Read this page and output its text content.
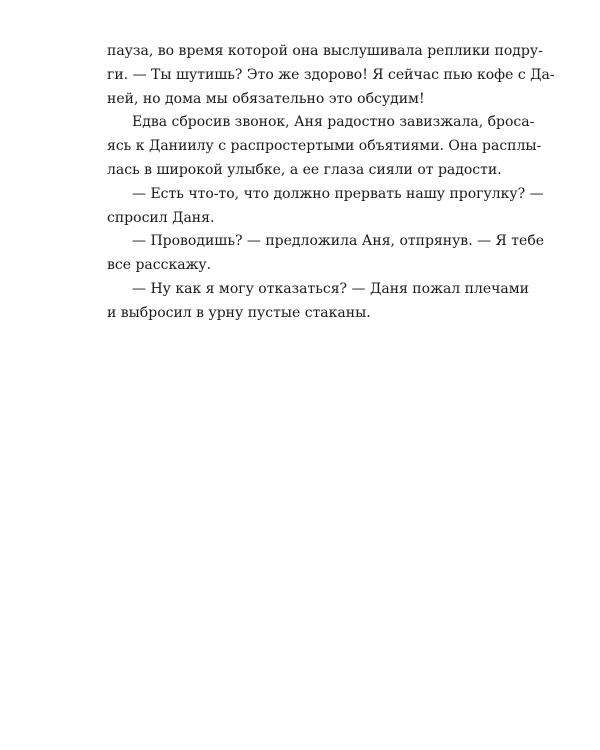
пауза, во время которой она выслушивала реплики подру-
ги. — Ты шутишь? Это же здорово! Я сейчас пью кофе с Да-
ней, но дома мы обязательно это обсудим!
Едва сбросив звонок, Аня радостно завизжала, броса-
ясь к Даниилу с распростертыми объятиями. Она расплы-
лась в широкой улыбке, а ее глаза сияли от радости.
— Есть что-то, что должно прервать нашу прогулку? —
спросил Даня.
— Проводишь? — предложила Аня, отпрянув. — Я тебе
все расскажу.
— Ну как я могу отказаться? — Даня пожал плечами
и выбросил в урну пустые стаканы.
